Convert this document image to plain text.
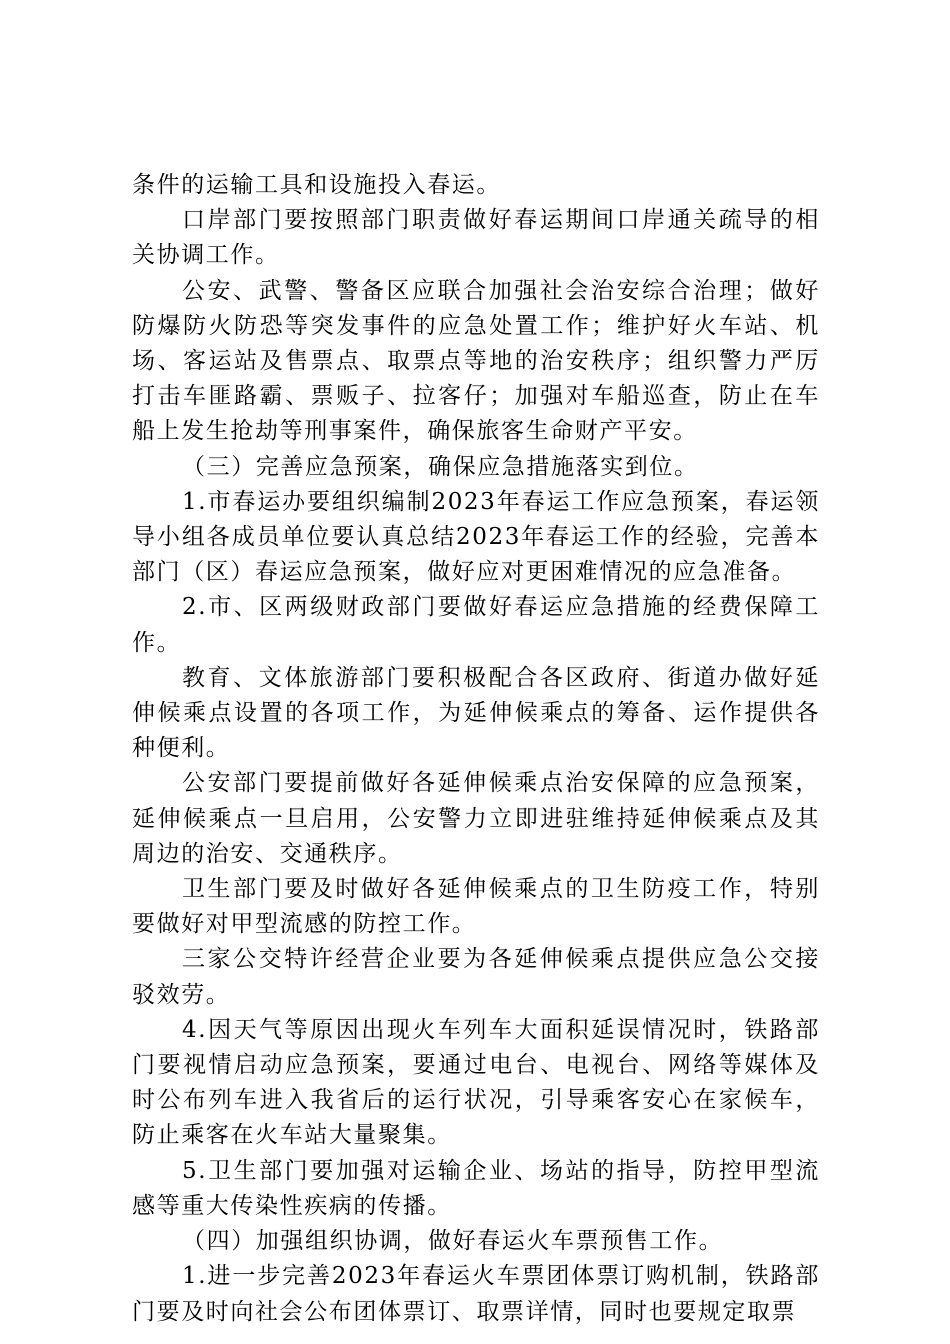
条件的运输工具和设施投入春运。

口岸部门要按照部门职责做好春运期间口岸通关疏导的相关协调工作。

公安、武警、警备区应联合加强社会治安综合治理；做好防爆防火防恐等突发事件的应急处置工作；维护好火车站、机场、客运站及售票点、取票点等地的治安秩序；组织警力严厉打击车匪路霸、票贩子、拉客仔；加强对车船巡查，防止在车船上发生抢劫等刑事案件，确保旅客生命财产平安。

（三）完善应急预案，确保应急措施落实到位。

1.市春运办要组织编制2023年春运工作应急预案，春运领导小组各成员单位要认真总结2023年春运工作的经验，完善本部门（区）春运应急预案，做好应对更困难情况的应急准备。

2.市、区两级财政部门要做好春运应急措施的经费保障工作。

教育、文体旅游部门要积极配合各区政府、街道办做好延伸候乘点设置的各项工作，为延伸候乘点的筹备、运作提供各种便利。

公安部门要提前做好各延伸候乘点治安保障的应急预案，延伸候乘点一旦启用，公安警力立即进驻维持延伸候乘点及其周边的治安、交通秩序。

卫生部门要及时做好各延伸候乘点的卫生防疫工作，特别要做好对甲型流感的防控工作。

三家公交特许经营企业要为各延伸候乘点提供应急公交接驳效劳。

4.因天气等原因出现火车列车大面积延误情况时，铁路部门要视情启动应急预案，要通过电台、电视台、网络等媒体及时公布列车进入我省后的运行状况，引导乘客安心在家候车，防止乘客在火车站大量聚集。

5.卫生部门要加强对运输企业、场站的指导，防控甲型流感等重大传染性疾病的传播。

（四）加强组织协调，做好春运火车票预售工作。

1.进一步完善2023年春运火车票团体票订购机制，铁路部门要及时向社会公布团体票订、取票详情，同时也要规定取票
